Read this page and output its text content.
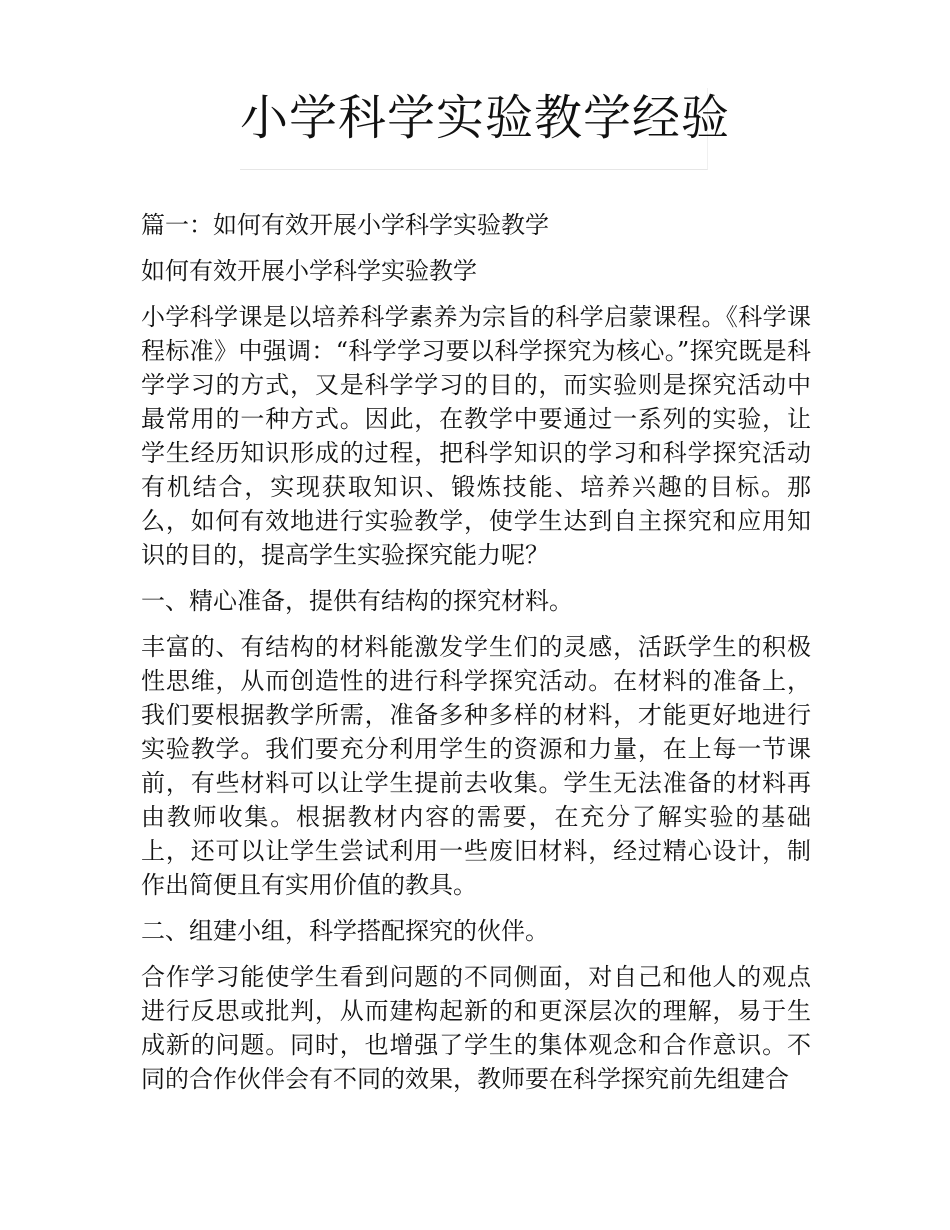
小学科学实验教学经验

篇一：如何有效开展小学科学实验教学

如何有效开展小学科学实验教学

小学科学课是以培养科学素养为宗旨的科学启蒙课程。《科学课程标准》中强调：“科学学习要以科学探究为核心。”探究既是科学学习的方式，又是科学学习的目的，而实验则是探究活动中最常用的一种方式。因此，在教学中要通过一系列的实验，让学生经历知识形成的过程，把科学知识的学习和科学探究活动有机结合，实现获取知识、锻炼技能、培养兴趣的目标。那么，如何有效地进行实验教学，使学生达到自主探究和应用知识的目的，提高学生实验探究能力呢？

一、精心准备，提供有结构的探究材料。

丰富的、有结构的材料能激发学生们的灵感，活跃学生的积极性思维，从而创造性的进行科学探究活动。在材料的准备上，我们要根据教学所需，准备多种多样的材料，才能更好地进行实验教学。我们要充分利用学生的资源和力量，在上每一节课前，有些材料可以让学生提前去收集。学生无法准备的材料再由教师收集。根据教材内容的需要，在充分了解实验的基础上，还可以让学生尝试利用一些废旧材料，经过精心设计，制作出简便且有实用价值的教具。

二、组建小组，科学搭配探究的伙伴。

合作学习能使学生看到问题的不同侧面，对自己和他人的观点进行反思或批判，从而建构起新的和更深层次的理解，易于生成新的问题。同时，也增强了学生的集体观念和合作意识。不同的合作伙伴会有不同的效果，教师要在科学探究前先组建合
